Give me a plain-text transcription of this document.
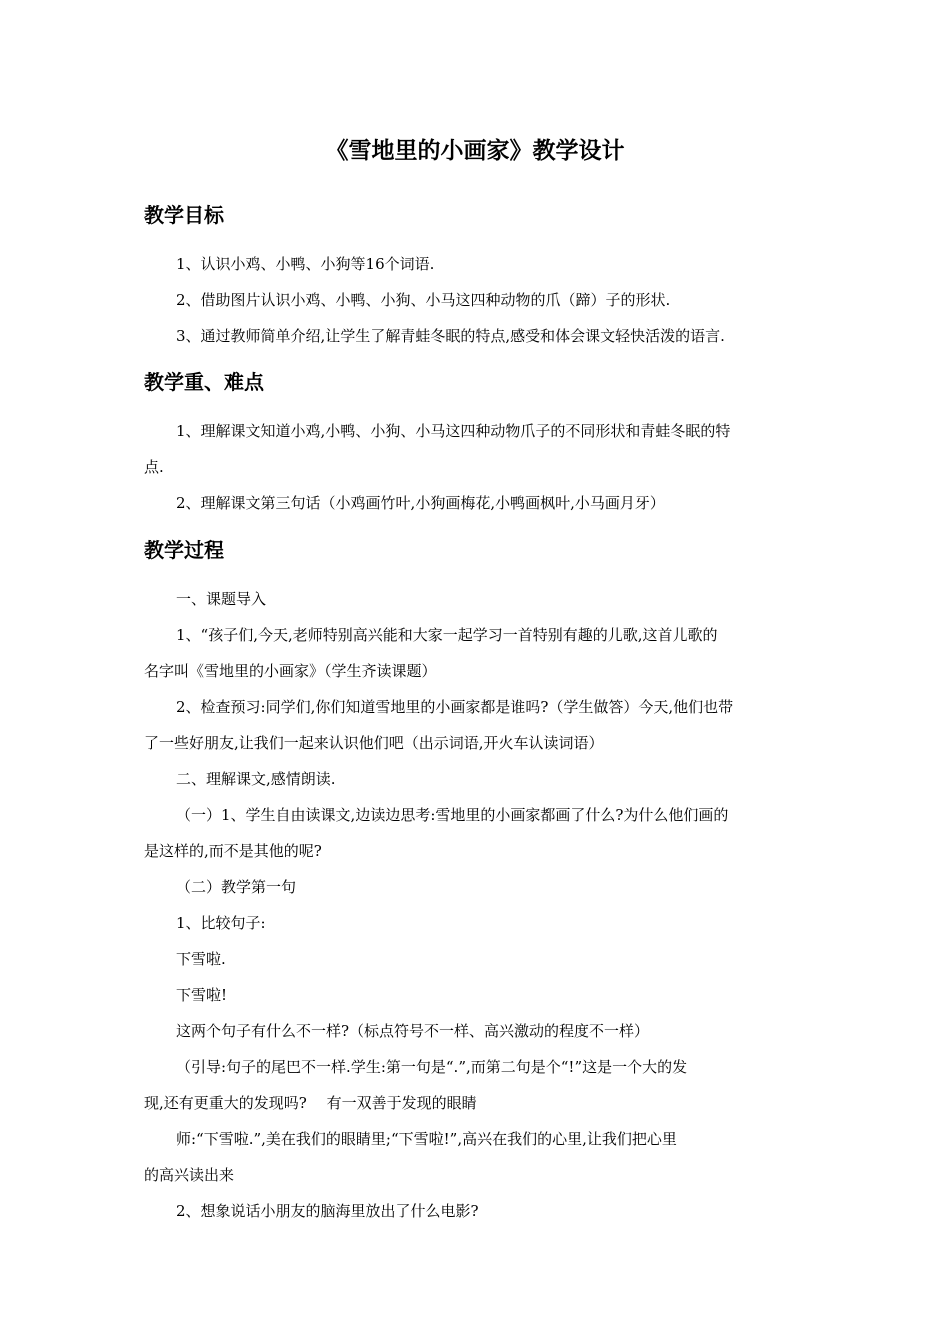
《雪地里的小画家》教学设计
教学目标

1、认识小鸡、小鸭、小狗等16个词语.

2、借助图片认识小鸡、小鸭、小狗、小马这四种动物的爪（蹄）子的形状.

3、通过教师简单介绍,让学生了解青蛙冬眠的特点,感受和体会课文轻快活泼的语言.

教学重、难点

1、理解课文知道小鸡,小鸭、小狗、小马这四种动物爪子的不同形状和青蛙冬眠的特

点.

2、理解课文第三句话（小鸡画竹叶,小狗画梅花,小鸭画枫叶,小马画月牙）

教学过程

一、课题导入

1、“孩子们,今天,老师特别高兴能和大家一起学习一首特别有趣的儿歌,这首儿歌的

名字叫《雪地里的小画家》（学生齐读课题）

2、检查预习:同学们,你们知道雪地里的小画家都是谁吗?（学生做答）今天,他们也带

了一些好朋友,让我们一起来认识他们吧（出示词语,开火车认读词语）

二、理解课文,感情朗读.

（一）1、学生自由读课文,边读边思考:雪地里的小画家都画了什么?为什么他们画的

是这样的,而不是其他的呢?

（二）教学第一句

1、比较句子:

下雪啦.

下雪啦!

这两个句子有什么不一样?（标点符号不一样、高兴激动的程度不一样）

（引导:句子的尾巴不一样.学生:第一句是“.”,而第二句是个“!”这是一个大的发

现,还有更重大的发现吗?　 有一双善于发现的眼睛

师:“下雪啦.”,美在我们的眼睛里;“下雪啦!”,高兴在我们的心里,让我们把心里

的高兴读出来

2、想象说话小朋友的脑海里放出了什么电影?
